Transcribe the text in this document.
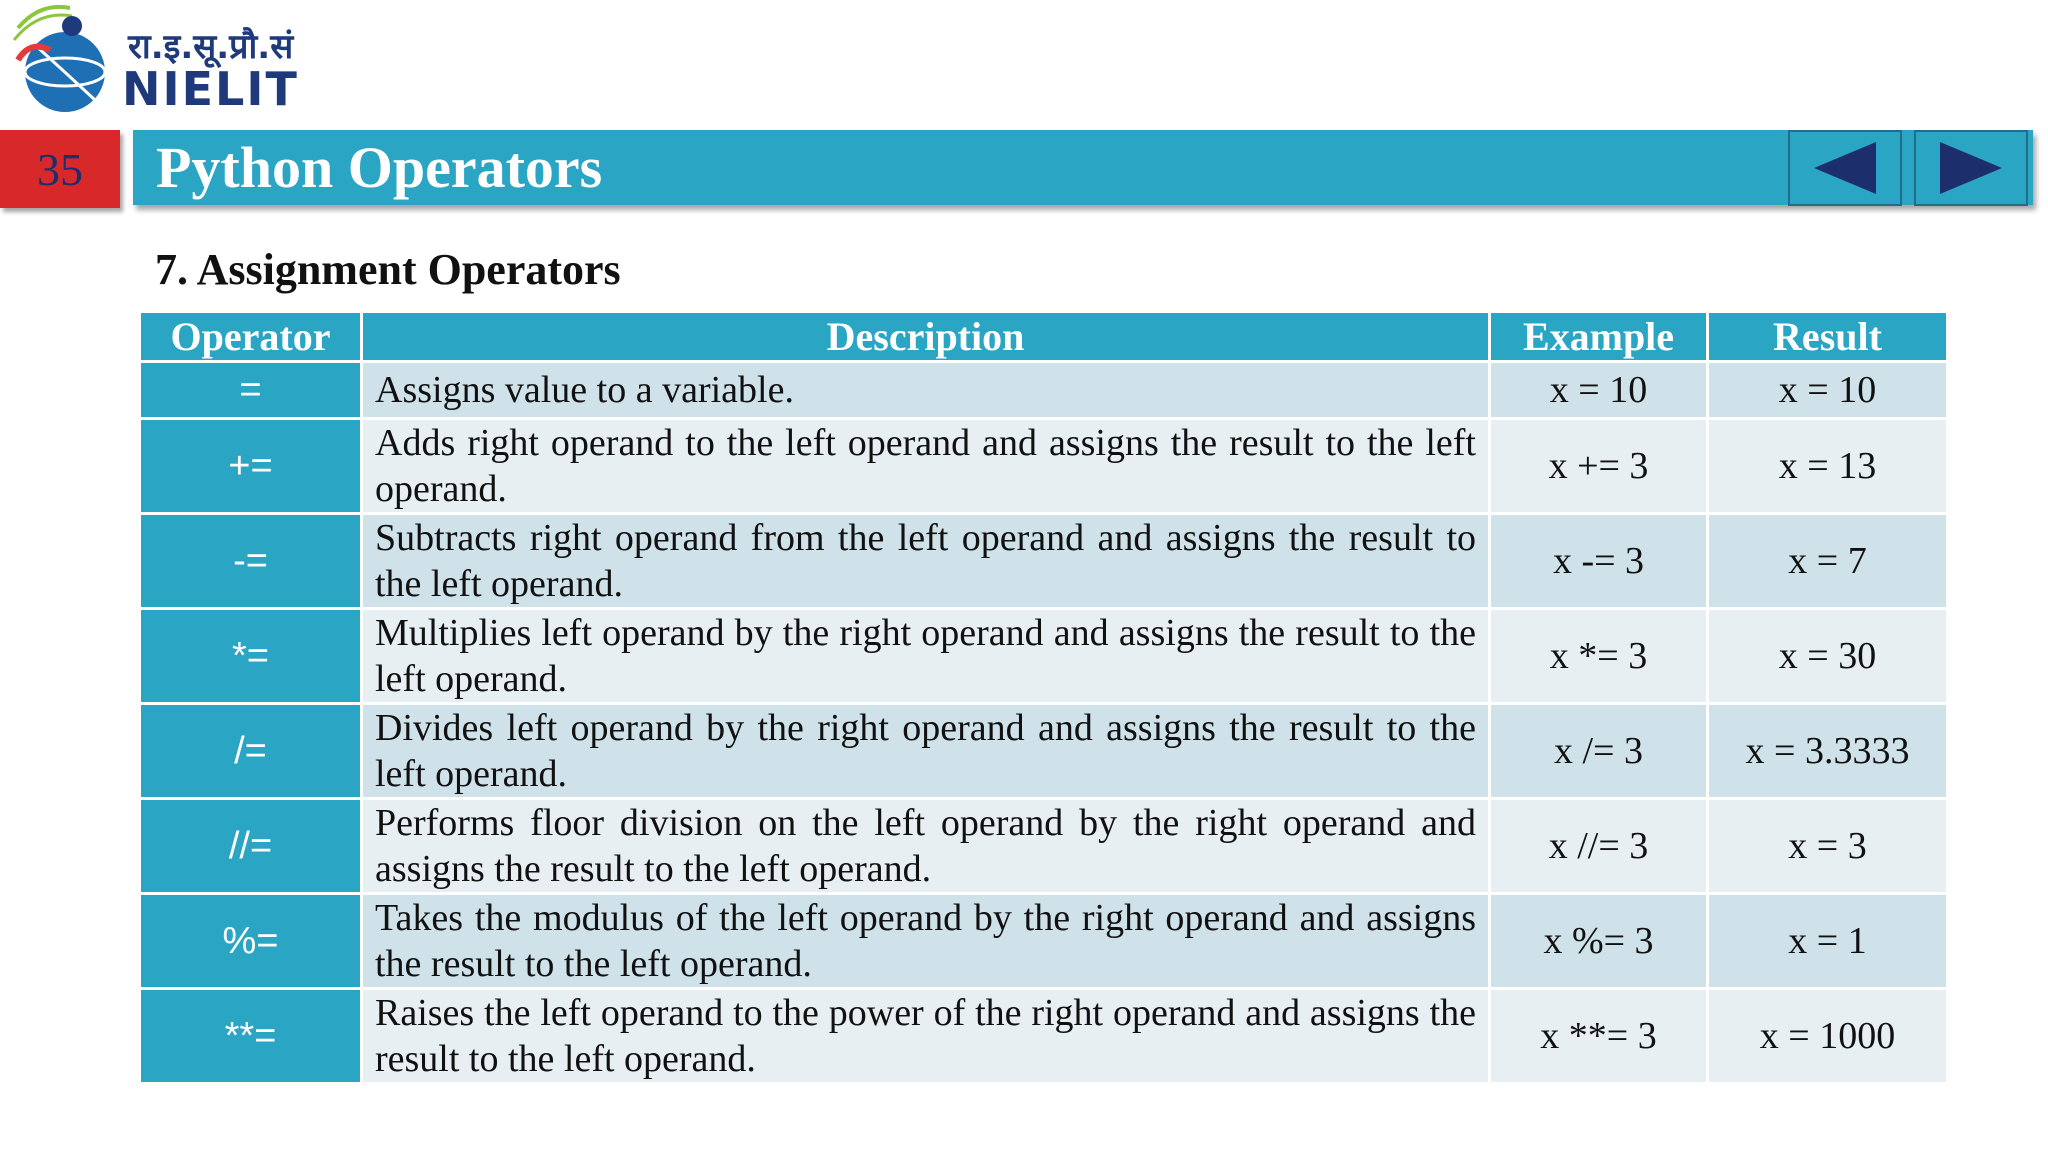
रा.इ.सू.प्रौ.सं
NIELIT
35	Python Operators
7. Assignment Operators
Operator	Description	Example	Result
=	Assigns value to a variable.	x = 10	x = 10
+=	Adds right operand to the left operand and assigns the result to the left operand.	x += 3	x = 13
-=	Subtracts right operand from the left operand and assigns the result to the left operand.	x -= 3	x = 7
*=	Multiplies left operand by the right operand and assigns the result to the left operand.	x *= 3	x = 30
/=	Divides left operand by the right operand and assigns the result to the left operand.	x /= 3	x = 3.3333
//=	Performs floor division on the left operand by the right operand and assigns the result to the left operand.	x //= 3	x = 3
%=	Takes the modulus of the left operand by the right operand and assigns the result to the left operand.	x %= 3	x = 1
**=	Raises the left operand to the power of the right operand and assigns the result to the left operand.	x **= 3	x = 1000
